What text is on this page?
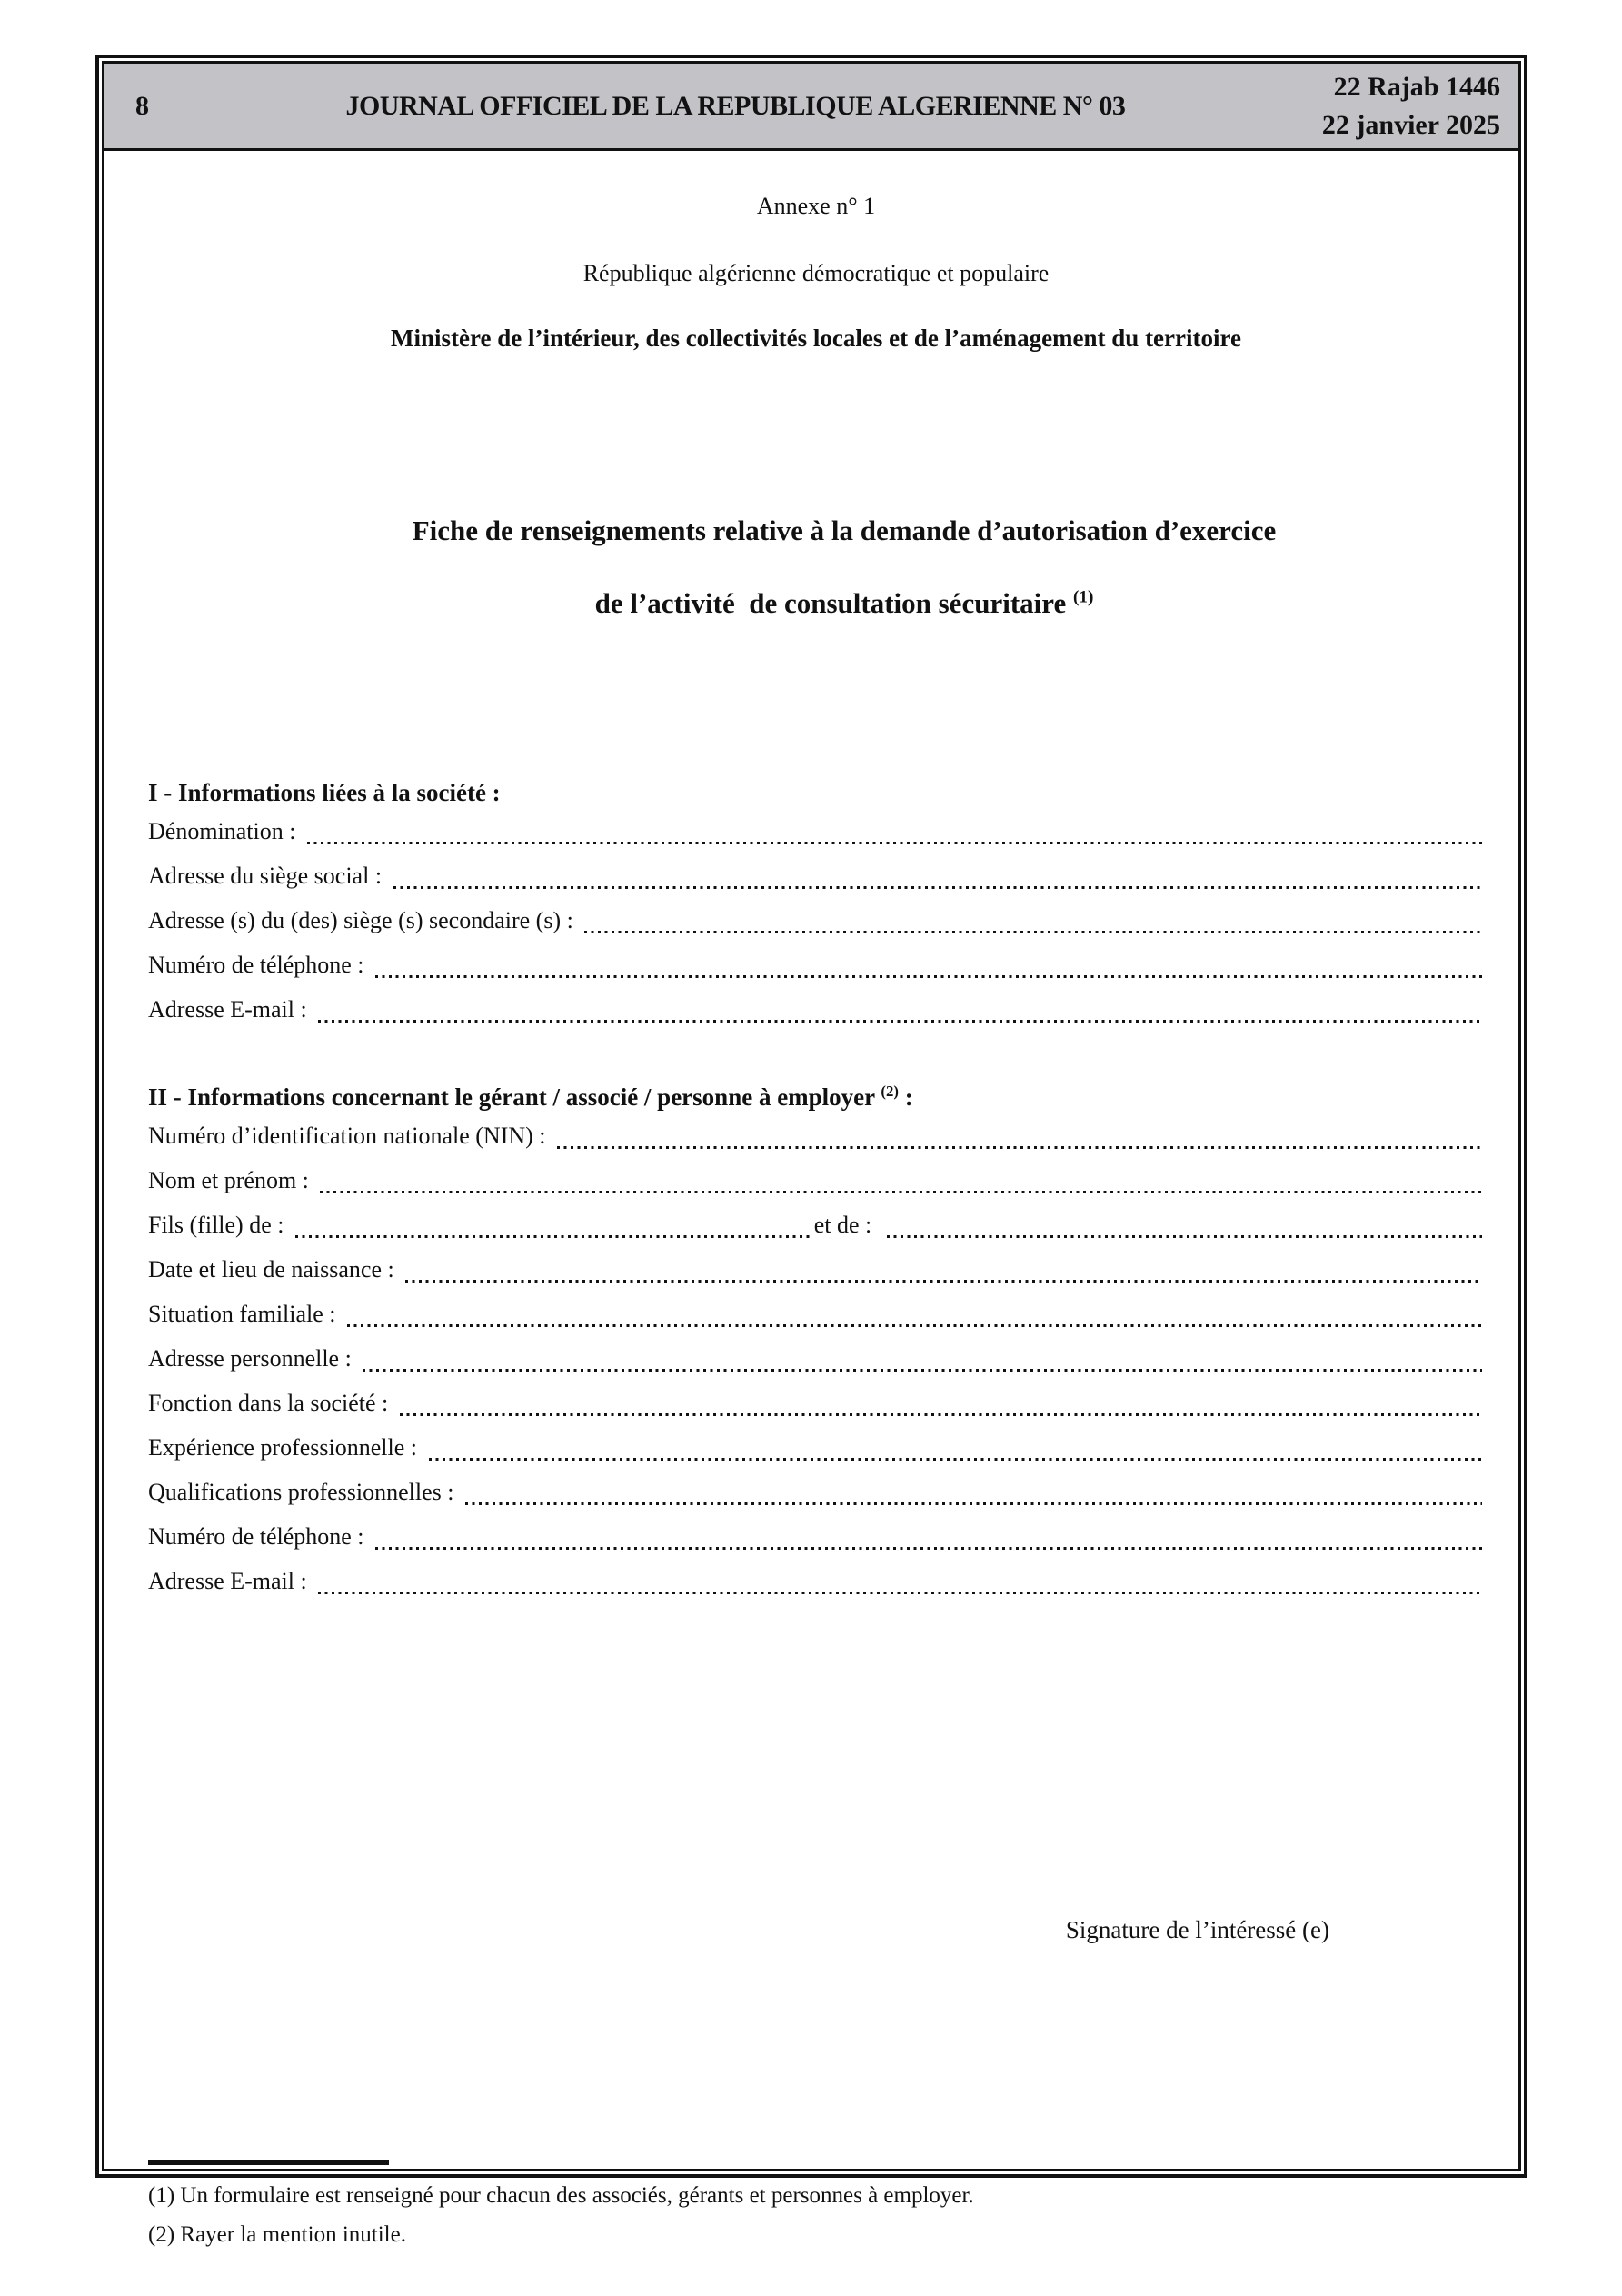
8	JOURNAL OFFICIEL DE LA REPUBLIQUE ALGERIENNE N° 03
22 Rajab 1446
22 janvier 2025
Annexe n° 1
République algérienne démocratique et populaire
Ministère de l’intérieur, des collectivités locales et de l’aménagement du territoire

Fiche de renseignements relative à la demande d’autorisation d’exercice

de l’activité  de consultation sécuritaire $^{(1)}$

I - Informations liées à la société :
Dénomination :
Adresse du siège social :
Adresse (s) du (des) siège (s) secondaire (s) :
Numéro de téléphone :
Adresse E-mail :
II - Informations concernant le gérant / associé / personne à employer $^{(2)}$ :
Numéro d’identification nationale (NIN) :
Nom et prénom :
Fils (fille) de :	et de :
Date et lieu de naissance :
Situation familiale :
Adresse personnelle :
Fonction dans la société :
Expérience professionnelle :
Qualifications professionnelles :
Numéro de téléphone :
Adresse E-mail :
Signature de l’intéressé (e)
(1) Un formulaire est renseigné pour chacun des associés, gérants et personnes à employer.
(2) Rayer la mention inutile.
